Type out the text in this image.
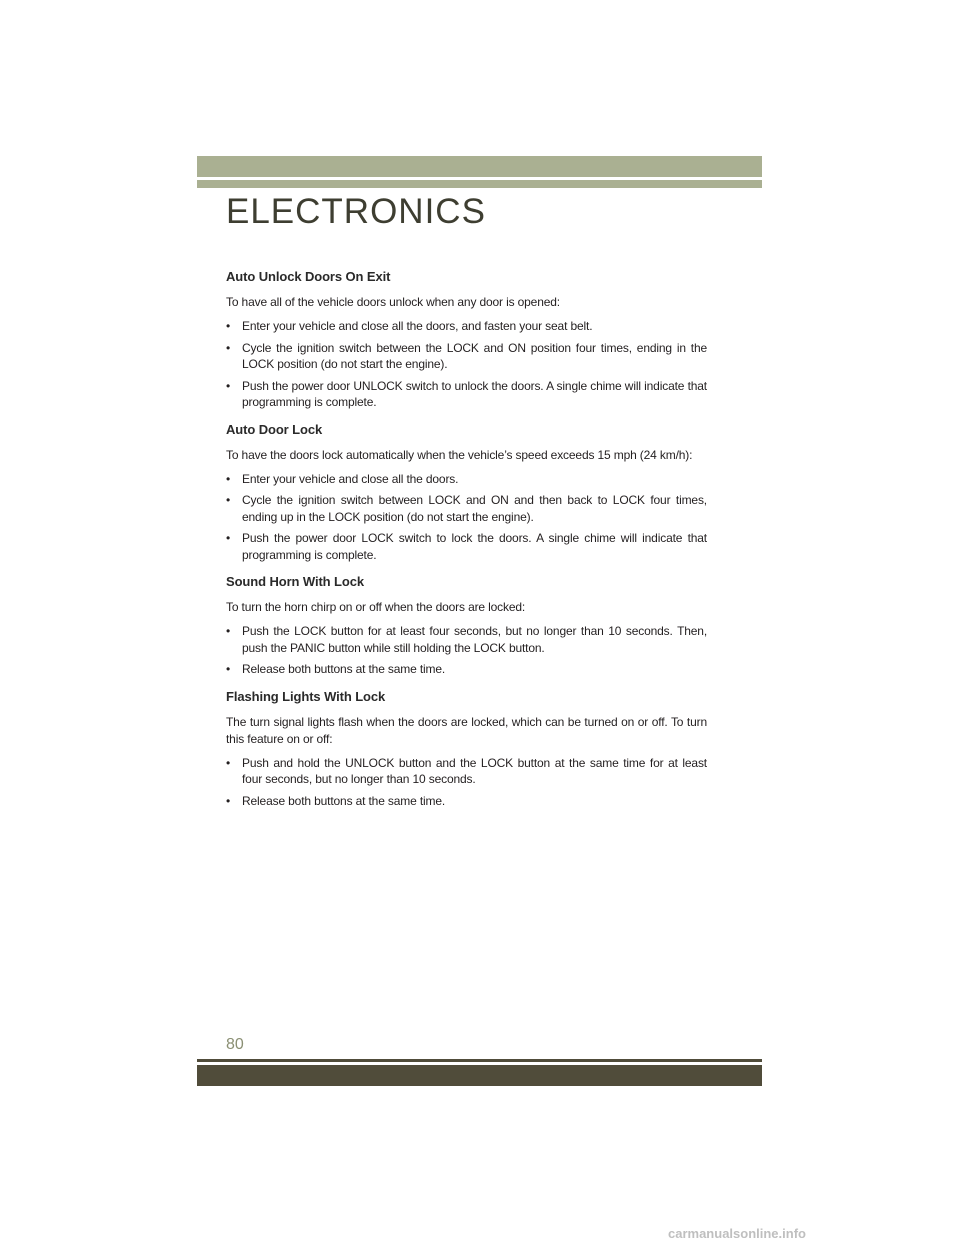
ELECTRONICS
Auto Unlock Doors On Exit
To have all of the vehicle doors unlock when any door is opened:
• Enter your vehicle and close all the doors, and fasten your seat belt.
• Cycle the ignition switch between the LOCK and ON position four times, ending in the LOCK position (do not start the engine).
• Push the power door UNLOCK switch to unlock the doors. A single chime will indicate that programming is complete.
Auto Door Lock
To have the doors lock automatically when the vehicle’s speed exceeds 15 mph (24 km/h):
• Enter your vehicle and close all the doors.
• Cycle the ignition switch between LOCK and ON and then back to LOCK four times, ending up in the LOCK position (do not start the engine).
• Push the power door LOCK switch to lock the doors. A single chime will indicate that programming is complete.
Sound Horn With Lock
To turn the horn chirp on or off when the doors are locked:
• Push the LOCK button for at least four seconds, but no longer than 10 seconds. Then, push the PANIC button while still holding the LOCK button.
• Release both buttons at the same time.
Flashing Lights With Lock
The turn signal lights flash when the doors are locked, which can be turned on or off. To turn this feature on or off:
• Push and hold the UNLOCK button and the LOCK button at the same time for at least four seconds, but no longer than 10 seconds.
• Release both buttons at the same time.
80
carmanualsonline.info
